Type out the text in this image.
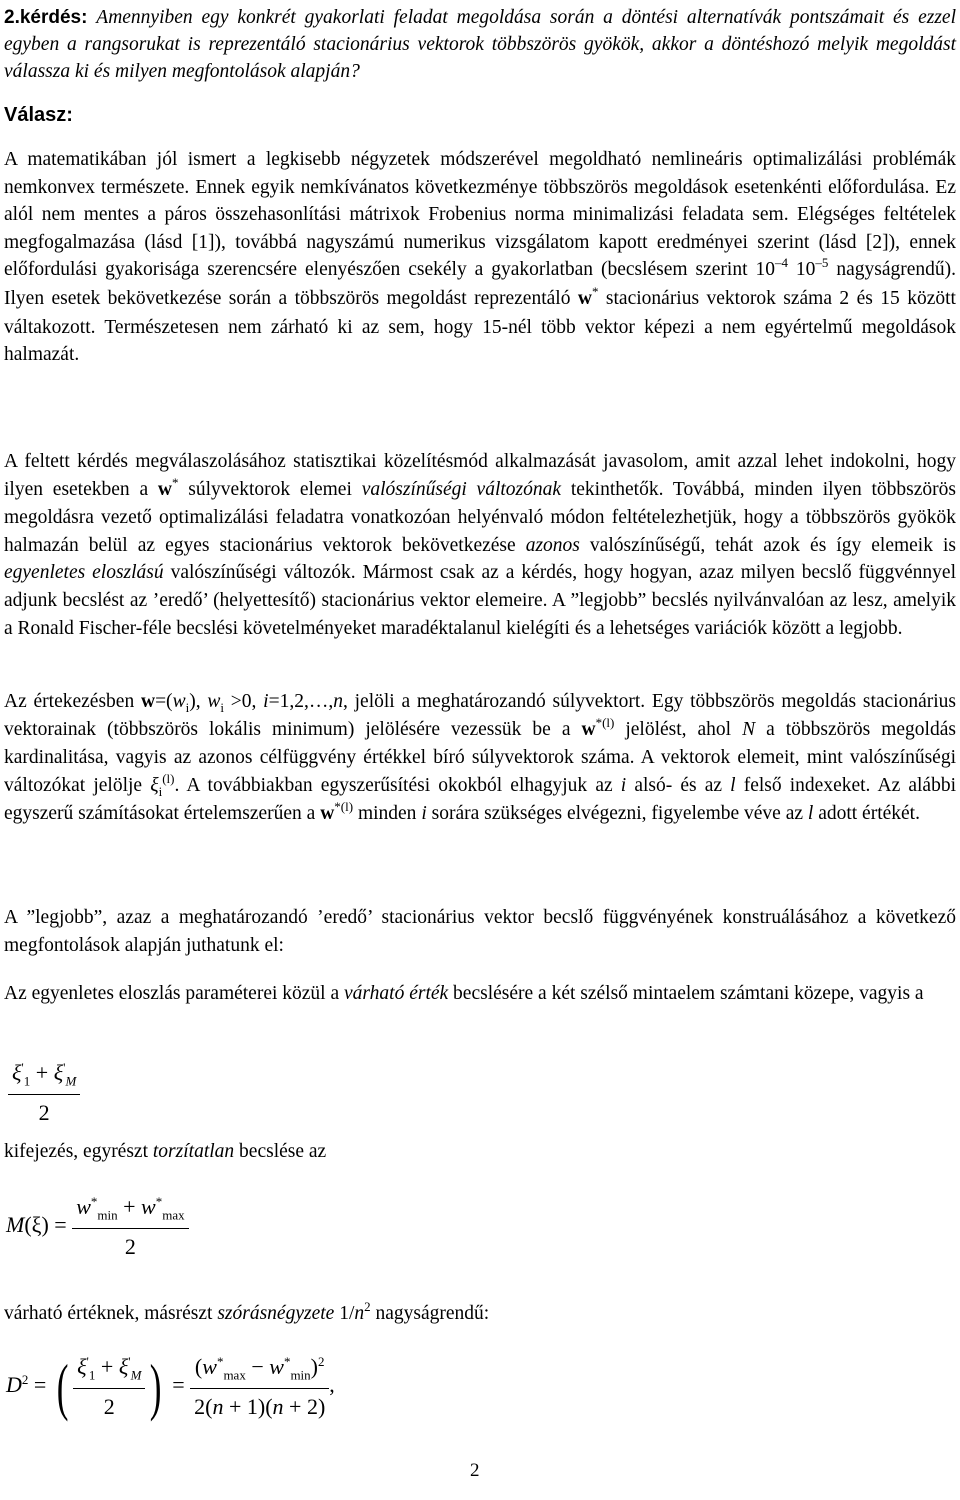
2.kérdés: Amennyiben egy konkrét gyakorlati feladat megoldása során a döntési alternatívák pontszámait és ezzel egyben a rangsorukat is reprezentáló stacionárius vektorok többszörös gyökök, akkor a döntéshozó melyik megoldást válassza ki és milyen megfontolások alapján?

Válasz:

A matematikában jól ismert a legkisebb négyzetek módszerével megoldható nemlineáris optimalizálási problémák nemkonvex természete. Ennek egyik nemkívánatos következménye többszörös megoldások esetenkénti előfordulása. Ez alól nem mentes a páros összehasonlítási mátrixok Frobenius norma minimalizási feladata sem. Elégséges feltételek megfogalmazása (lásd [1]), továbbá nagyszámú numerikus vizsgálatom kapott eredményei szerint (lásd [2]), ennek előfordulási gyakorisága szerencsére elenyészően csekély a gyakorlatban (becslésem szerint $10^{-4}$ $10^{-5}$ nagyságrendű). Ilyen esetek bekövetkezése során a többszörös megoldást reprezentáló w* stacionárius vektorok száma 2 és 15 között váltakozott. Természetesen nem zárható ki az sem, hogy 15-nél több vektor képezi a nem egyértelmű megoldások halmazát.

A feltett kérdés megválaszolásához statisztikai közelítésmód alkalmazását javasolom, amit azzal lehet indokolni, hogy ilyen esetekben a w* súlyvektorok elemei valószínűségi változónak tekinthetők. Továbbá, minden ilyen többszörös megoldásra vezető optimalizálási feladatra vonatkozóan helyénvaló módon feltételezhetjük, hogy a többszörös gyökök halmazán belül az egyes stacionárius vektorok bekövetkezése azonos valószínűségű, tehát azok és így elemeik is egyenletes eloszlású valószínűségi változók. Mármost csak az a kérdés, hogy hogyan, azaz milyen becslő függvénnyel adjunk becslést az ’eredő’ (helyettesítő) stacionárius vektor elemeire. A ”legjobb” becslés nyilvánvalóan az lesz, amelyik a Ronald Fischer-féle becslési követelményeket maradéktalanul kielégíti és a lehetséges variációk között a legjobb.

Az értekezésben $w=(w_i)$, $w_i >0$, i=1,2,…,n, jelöli a meghatározandó súlyvektort. Egy többszörös megoldás stacionárius vektorainak (többszörös lokális minimum) jelölésére vezessük be a $w^{*(l)}$ jelölést, ahol N a többszörös megoldás kardinalitása, vagyis az azonos célfüggvény értékkel bíró súlyvektorok száma. A vektorok elemeit, mint valószínűségi változókat jelölje $\xi_i^{(l)}$. A továbbiakban egyszerűsítési okokból elhagyjuk az i alsó- és az l felső indexeket. Az alábbi egyszerű számításokat értelemszerűen a $w^{*(l)}$ minden i sorára szükséges elvégezni, figyelembe véve az l adott értékét.

A ”legjobb”, azaz a meghatározandó ’eredő’ stacionárius vektor becslő függvényének konstruálásához a következő megfontolások alapján juthatunk el:

Az egyenletes eloszlás paraméterei közül a várható érték becslésére a két szélső mintaelem számtani közepe, vagyis a

$\frac{\xi'_1 + \xi'_M}{2}$

kifejezés, egyrészt torzítatlan becslése az

$M(\xi) = \frac{w^*_{min} + w^*_{max}}{2}$

várható értéknek, másrészt szórásnégyzete $1/n^2$ nagyságrendű:

$D^2$ = ( $\frac{\xi'_1 + \xi'_M}{2}$ ) = $\frac{(w^*_{max} - w^*_{min})^2}{2(n + 1)(n + 2)}$ ,
2
